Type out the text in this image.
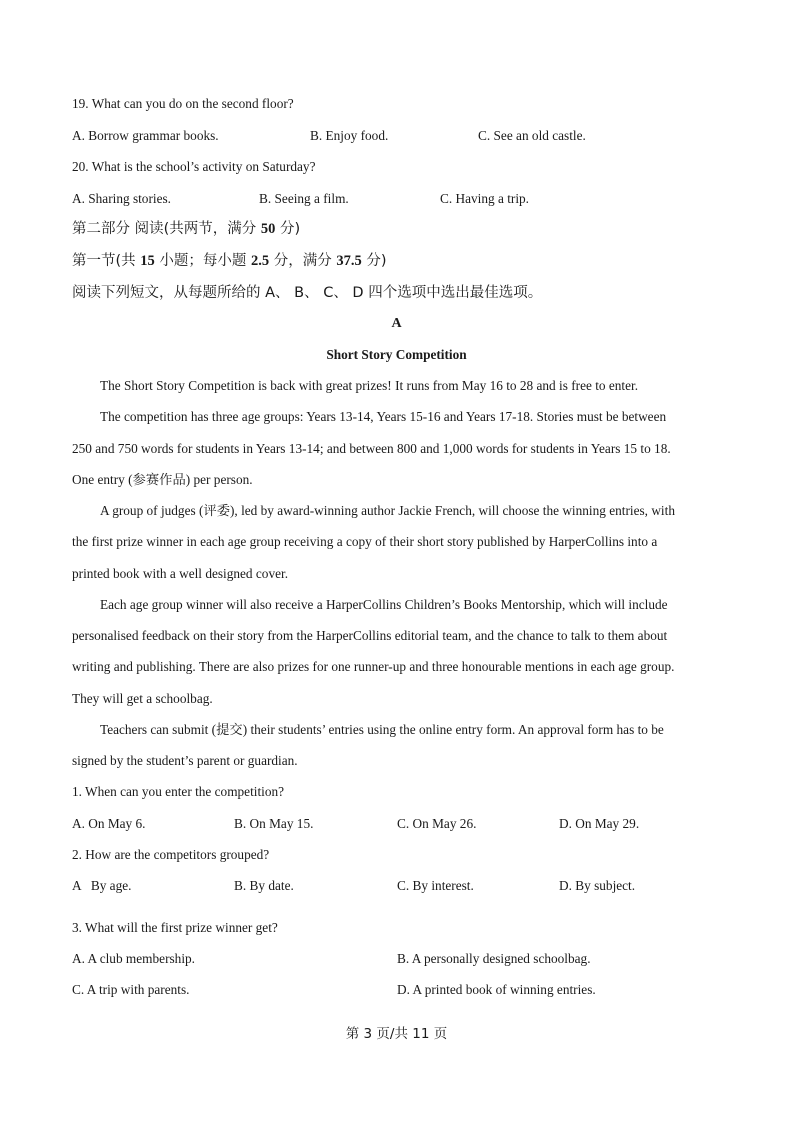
19. What can you do on the second floor?
A. Borrow grammar books.	B. Enjoy food.	C. See an old castle.
20. What is the school’s activity on Saturday?
A. Sharing stories.	B. Seeing a film.	C. Having a trip.
第二部分 阅读(共两节，满分 50 分)
第一节(共 15 小题；每小题 2.5 分，满分 37.5 分)
阅读下列短文，从每题所给的 A、 B、 C、 D 四个选项中选出最佳选项。
A
Short Story Competition
The Short Story Competition is back with great prizes! It runs from May 16 to 28 and is free to enter.
The competition has three age groups: Years 13-14, Years 15-16 and Years 17-18. Stories must be between
250 and 750 words for students in Years 13-14; and between 800 and 1,000 words for students in Years 15 to 18.
One entry (参赛作品) per person.
A group of judges (评委), led by award-winning author Jackie French, will choose the winning entries, with
the first prize winner in each age group receiving a copy of their short story published by HarperCollins into a
printed book with a well designed cover.
Each age group winner will also receive a HarperCollins Children’s Books Mentorship, which will include
personalised feedback on their story from the HarperCollins editorial team, and the chance to talk to them about
writing and publishing. There are also prizes for one runner-up and three honourable mentions in each age group.
They will get a schoolbag.
Teachers can submit (提交) their students’ entries using the online entry form. An approval form has to be
signed by the student’s parent or guardian.
1. When can you enter the competition?
A. On May 6.	B. On May 15.	C. On May 26.	D. On May 29.
2. How are the competitors grouped?
A   By age.	B. By date.	C. By interest.	D. By subject.
3. What will the first prize winner get?
A. A club membership.	B. A personally designed schoolbag.
C. A trip with parents.	D. A printed book of winning entries.
第 3 页/共 11 页
